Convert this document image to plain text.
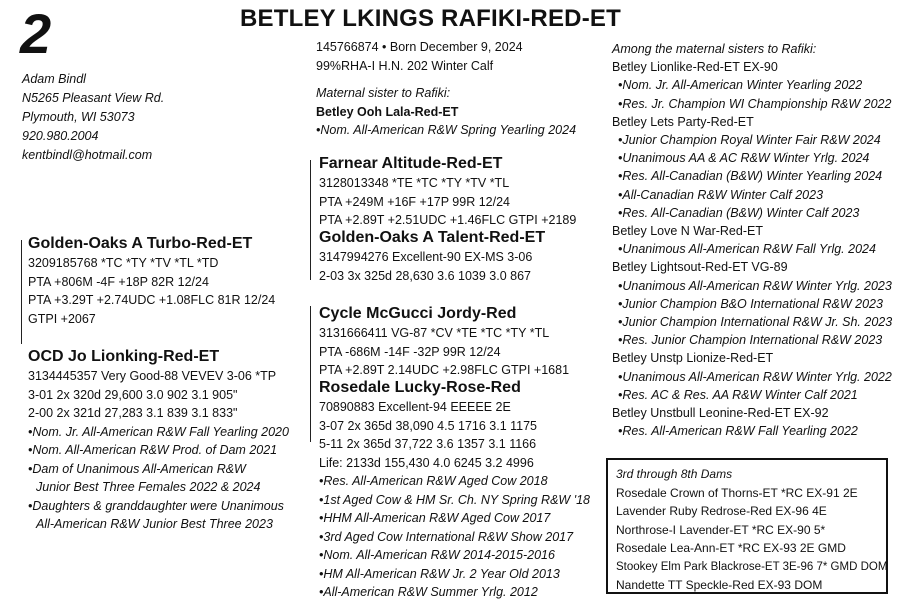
2	BETLEY LKINGS RAFIKI-RED-ET
Adam Bindl
N5265 Pleasant View Rd.
Plymouth, WI 53073
920.980.2004
kentbindl@hotmail.com
145766874 • Born December 9, 2024
99%RHA-I H.N. 202 Winter Calf
Maternal sister to Rafiki:
Betley Ooh Lala-Red-ET
•Nom. All-American R&W Spring Yearling 2024
Farnear Altitude-Red-ET
3128013348 *TE *TC *TY *TV *TL
PTA +249M +16F +17P 99R 12/24
PTA +2.89T +2.51UDC +1.46FLC GTPI +2189
Golden-Oaks A Talent-Red-ET
3147994276 Excellent-90 EX-MS 3-06
2-03 3x 325d 28,630 3.6 1039 3.0 867
Golden-Oaks A Turbo-Red-ET
3209185768 *TC *TY *TV *TL *TD
PTA +806M -4F +18P 82R 12/24
PTA +3.29T +2.74UDC +1.08FLC 81R 12/24
GTPI +2067
OCD Jo Lionking-Red-ET
3134445357 Very Good-88 VEVEV 3-06 *TP
3-01 2x 320d 29,600 3.0 902 3.1 905"
2-00 2x 321d 27,283 3.1 839 3.1 833"
•Nom. Jr. All-American R&W Fall Yearling 2020
•Nom. All-American R&W Prod. of Dam 2021
•Dam of Unanimous All-American R&W
Junior Best Three Females 2022 & 2024
•Daughters & granddaughter were Unanimous
All-American R&W Junior Best Three 2023
Cycle McGucci Jordy-Red
3131666411 VG-87 *CV *TE *TC *TY *TL
PTA -686M -14F -32P 99R 12/24
PTA +2.89T 2.14UDC +2.98FLC GTPI +1681
Rosedale Lucky-Rose-Red
70890883 Excellent-94 EEEEE 2E
3-07 2x 365d 38,090 4.5 1716 3.1 1175
5-11 2x 365d 37,722 3.6 1357 3.1 1166
Life: 2133d 155,430 4.0 6245 3.2 4996
•Res. All-American R&W Aged Cow 2018
•1st Aged Cow & HM Sr. Ch. NY Spring R&W '18
•HHM All-American R&W Aged Cow 2017
•3rd Aged Cow International R&W Show 2017
•Nom. All-American R&W 2014-2015-2016
•HM All-American R&W Jr. 2 Year Old 2013
•All-American R&W Summer Yrlg. 2012
Among the maternal sisters to Rafiki:
Betley Lionlike-Red-ET EX-90
•Nom. Jr. All-American Winter Yearling 2022
•Res. Jr. Champion WI Championship R&W 2022
Betley Lets Party-Red-ET
•Junior Champion Royal Winter Fair R&W 2024
•Unanimous AA & AC R&W Winter Yrlg. 2024
•Res. All-Canadian (B&W) Winter Yearling 2024
•All-Canadian R&W Winter Calf 2023
•Res. All-Canadian (B&W) Winter Calf 2023
Betley Love N War-Red-ET
•Unanimous All-American R&W Fall Yrlg. 2024
Betley Lightsout-Red-ET VG-89
•Unanimous All-American R&W Winter Yrlg. 2023
•Junior Champion B&O International R&W 2023
•Junior Champion International R&W Jr. Sh. 2023
•Res. Junior Champion International R&W 2023
Betley Unstp Lionize-Red-ET
•Unanimous All-American R&W Winter Yrlg. 2022
•Res. AC & Res. AA R&W Winter Calf 2021
Betley Unstbull Leonine-Red-ET EX-92
•Res. All-American R&W Fall Yearling 2022
3rd through 8th Dams
Rosedale Crown of Thorns-ET *RC EX-91 2E
Lavender Ruby Redrose-Red EX-96 4E
Northrose-I Lavender-ET *RC EX-90 5*
Rosedale Lea-Ann-ET *RC EX-93 2E GMD
Stookey Elm Park Blackrose-ET 3E-96 7* GMD DOM
Nandette TT Speckle-Red EX-93 DOM
